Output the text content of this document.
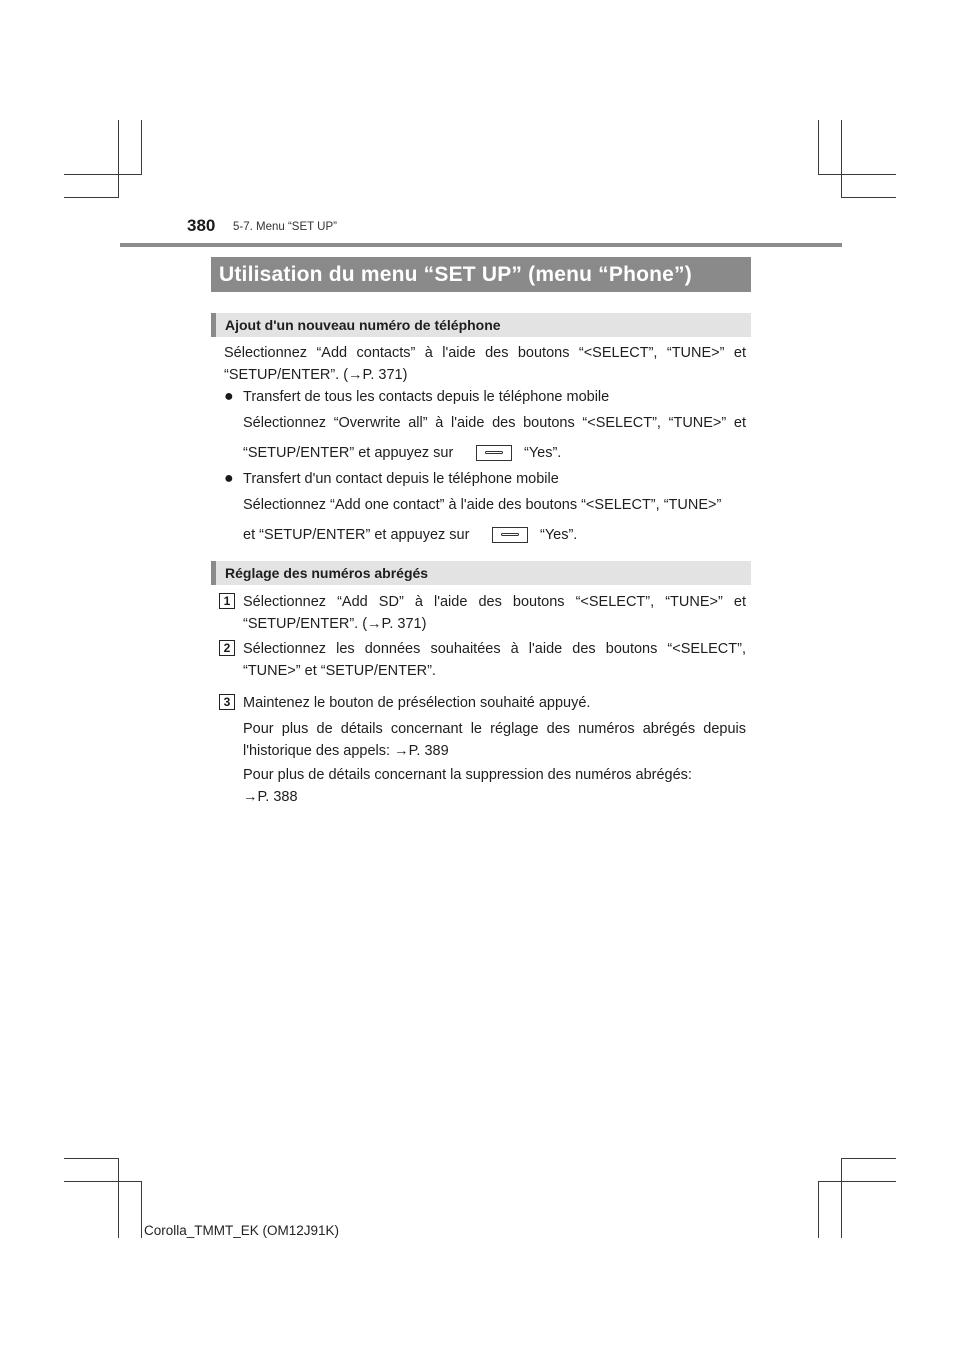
380 5-7. Menu “SET UP”
Utilisation du menu “SET UP” (menu “Phone”)
Ajout d'un nouveau numéro de téléphone
Sélectionnez “Add contacts” à l'aide des boutons “<SELECT”, “TUNE>” et
“SETUP/ENTER”. (→P. 371)
● Transfert de tous les contacts depuis le téléphone mobile
Sélectionnez “Overwrite all” à l'aide des boutons “<SELECT”, “TUNE>” et
“SETUP/ENTER” et appuyez sur	“Yes”.
● Transfert d'un contact depuis le téléphone mobile
Sélectionnez “Add one contact” à l'aide des boutons “<SELECT”, “TUNE>”
et “SETUP/ENTER” et appuyez sur	“Yes”.
Réglage des numéros abrégés
1 Sélectionnez “Add SD” à l'aide des boutons “<SELECT”, “TUNE>” et
“SETUP/ENTER”. (→P. 371)
2 Sélectionnez les données souhaitées à l'aide des boutons “<SELECT”,
“TUNE>” et “SETUP/ENTER”.
3 Maintenez le bouton de présélection souhaité appuyé.
Pour plus de détails concernant le réglage des numéros abrégés depuis
l'historique des appels: →P. 389
Pour plus de détails concernant la suppression des numéros abrégés:
→P. 388
Corolla_TMMT_EK (OM12J91K)
